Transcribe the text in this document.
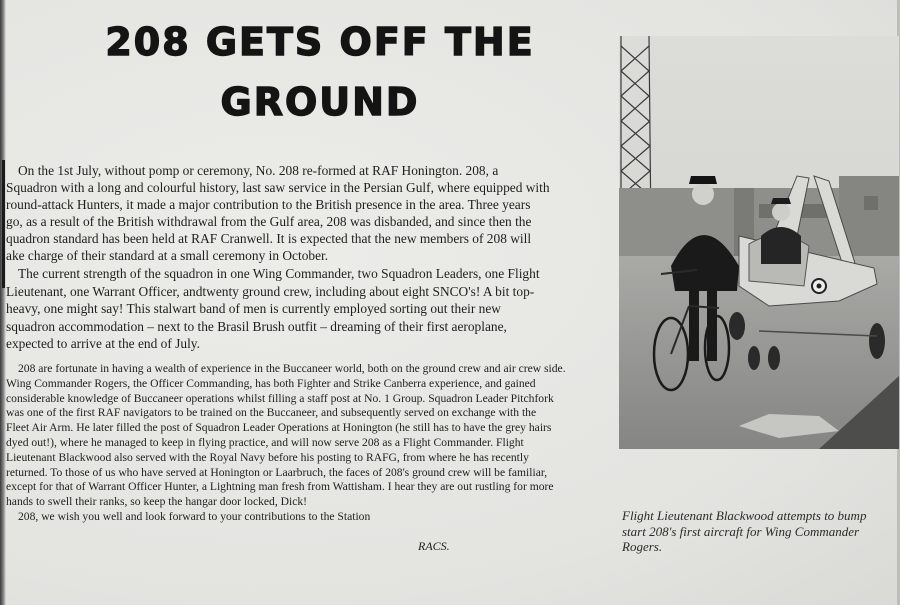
208 GETS OFF THE
GROUND
On the 1st July, without pomp or ceremony, No. 208 re-formed at RAF Honington. 208, a
Squadron with a long and colourful history, last saw service in the Persian Gulf, where equipped with
round-attack Hunters, it made a major contribution to the British presence in the area. Three years
go, as a result of the British withdrawal from the Gulf area, 208 was disbanded, and since then the
quadron standard has been held at RAF Cranwell. It is expected that the new members of 208 will
ake charge of their standard at a small ceremony in October.
The current strength of the squadron in one Wing Commander, two Squadron Leaders, one Flight
Lieutenant, one Warrant Officer, andtwenty ground crew, including about eight SNCO's! A bit top-
heavy, one might say! This stalwart band of men is currently employed sorting out their new
squadron accommodation – next to the Brasil Brush outfit – dreaming of their first aeroplane,
expected to arrive at the end of July.
208 are fortunate in having a wealth of experience in the Buccaneer world, both on the ground crew and air crew side.
Wing Commander Rogers, the Officer Commanding, has both Fighter and Strike Canberra experience, and gained
considerable knowledge of Buccaneer operations whilst filling a staff post at No. 1 Group. Squadron Leader Pitchfork
was one of the first RAF navigators to be trained on the Buccaneer, and subsequently served on exchange with the
Fleet Air Arm. He later filled the post of Squadron Leader Operations at Honington (he still has to have the grey hairs
dyed out!), where he managed to keep in flying practice, and will now serve 208 as a Flight Commander. Flight
Lieutenant Blackwood also served with the Royal Navy before his posting to RAFG, from where he has recently
returned. To those of us who have served at Honington or Laarbruch, the faces of 208's ground crew will be familiar,
except for that of Warrant Officer Hunter, a Lightning man fresh from Wattisham. I hear they are out rustling for more
hands to swell their ranks, so keep the hangar door locked, Dick!
208, we wish you well and look forward to your contributions to the Station
RACS.
Flight Lieutenant Blackwood attempts to bump
start 208's first aircraft for Wing Commander
Rogers.
